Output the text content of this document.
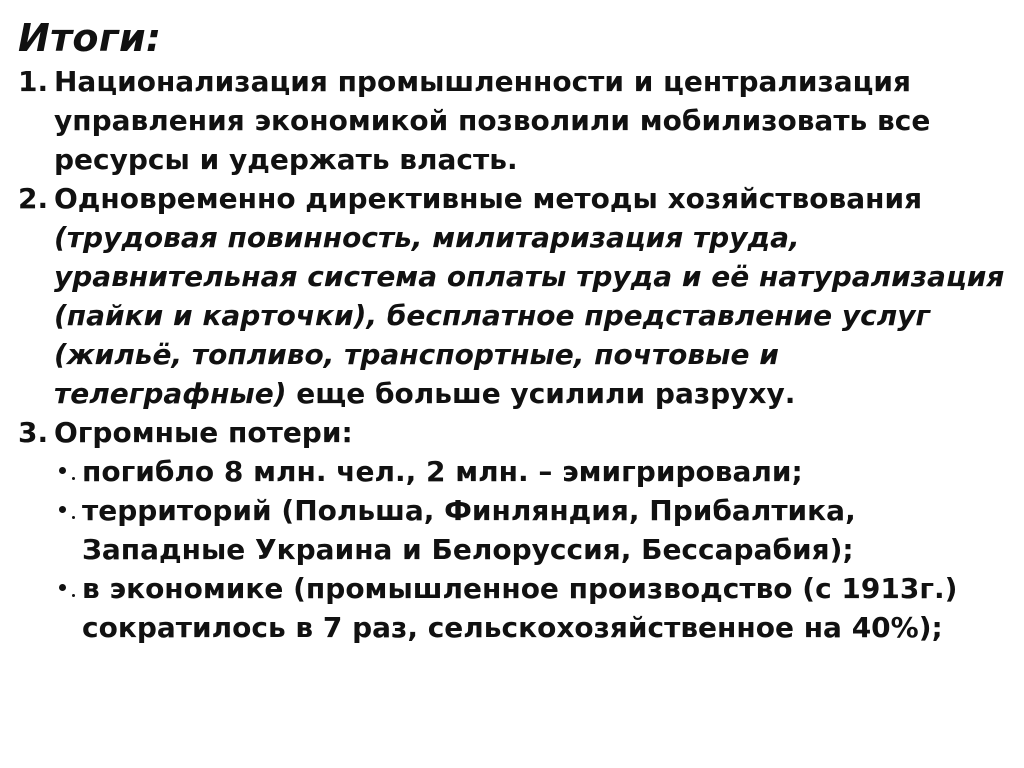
Итоги:
1. Национализация промышленности и централизация управления экономикой позволили мобилизовать все ресурсы и удержать власть.
2. Одновременно директивные методы хозяйствования (трудовая повинность, милитаризация труда, уравнительная система оплаты труда и её натурализация (пайки и карточки), бесплатное представление услуг (жильё, топливо, транспортные, почтовые и телеграфные) еще больше усилили разруху.
3. Огромные потери:
погибло 8 млн. чел., 2 млн. – эмигрировали;
территорий (Польша, Финляндия, Прибалтика, Западные Украина и Белоруссия, Бессарабия);
в экономике (промышленное производство (с 1913г.) сократилось в 7 раз, сельскохозяйственное на 40%);
